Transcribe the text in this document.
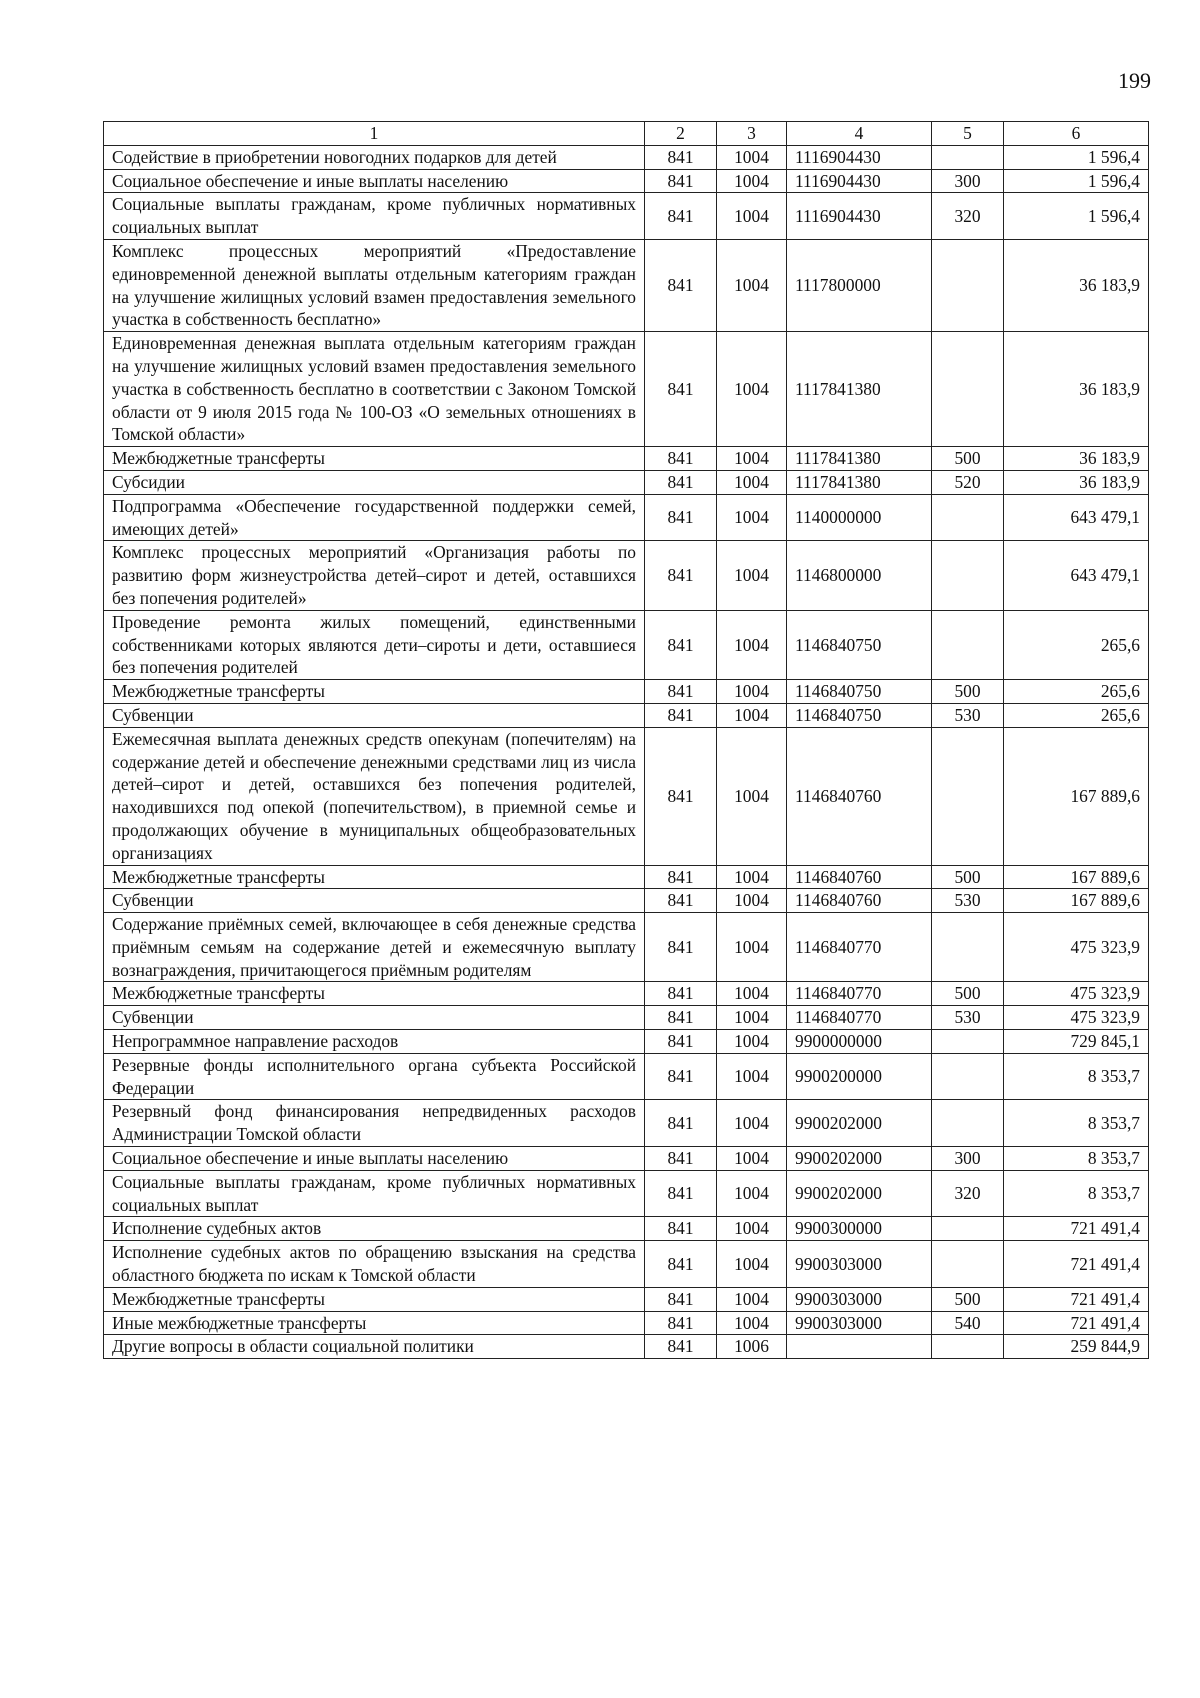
199
1	2	3	4	5	6
Содействие в приобретении новогодних подарков для детей	841	1004	1116904430		1 596,4
Социальное обеспечение и иные выплаты населению	841	1004	1116904430	300	1 596,4
Социальные выплаты гражданам, кроме публичных нормативных социальных выплат	841	1004	1116904430	320	1 596,4
Комплекс процессных мероприятий «Предоставление единовременной денежной выплаты отдельным категориям граждан на улучшение жилищных условий взамен предоставления земельного участка в собственность бесплатно»	841	1004	1117800000		36 183,9
Единовременная денежная выплата отдельным категориям граждан на улучшение жилищных условий взамен предоставления земельного участка в собственность бесплатно в соответствии с Законом Томской области от 9 июля 2015 года № 100-ОЗ «О земельных отношениях в Томской области»	841	1004	1117841380		36 183,9
Межбюджетные трансферты	841	1004	1117841380	500	36 183,9
Субсидии	841	1004	1117841380	520	36 183,9
Подпрограмма «Обеспечение государственной поддержки семей, имеющих детей»	841	1004	1140000000		643 479,1
Комплекс процессных мероприятий «Организация работы по развитию форм жизнеустройства детей–сирот и детей, оставшихся без попечения родителей»	841	1004	1146800000		643 479,1
Проведение ремонта жилых помещений, единственными собственниками которых являются дети–сироты и дети, оставшиеся без попечения родителей	841	1004	1146840750		265,6
Межбюджетные трансферты	841	1004	1146840750	500	265,6
Субвенции	841	1004	1146840750	530	265,6
Ежемесячная выплата денежных средств опекунам (попечителям) на содержание детей и обеспечение денежными средствами лиц из числа детей–сирот и детей, оставшихся без попечения родителей, находившихся под опекой (попечительством), в приемной семье и продолжающих обучение в муниципальных общеобразовательных организациях	841	1004	1146840760		167 889,6
Межбюджетные трансферты	841	1004	1146840760	500	167 889,6
Субвенции	841	1004	1146840760	530	167 889,6
Содержание приёмных семей, включающее в себя денежные средства приёмным семьям на содержание детей и ежемесячную выплату вознаграждения, причитающегося приёмным родителям	841	1004	1146840770		475 323,9
Межбюджетные трансферты	841	1004	1146840770	500	475 323,9
Субвенции	841	1004	1146840770	530	475 323,9
Непрограммное направление расходов	841	1004	9900000000		729 845,1
Резервные фонды исполнительного органа субъекта Российской Федерации	841	1004	9900200000		8 353,7
Резервный фонд финансирования непредвиденных расходов Администрации Томской области	841	1004	9900202000		8 353,7
Социальное обеспечение и иные выплаты населению	841	1004	9900202000	300	8 353,7
Социальные выплаты гражданам, кроме публичных нормативных социальных выплат	841	1004	9900202000	320	8 353,7
Исполнение судебных актов	841	1004	9900300000		721 491,4
Исполнение судебных актов по обращению взыскания на средства областного бюджета по искам к Томской области	841	1004	9900303000		721 491,4
Межбюджетные трансферты	841	1004	9900303000	500	721 491,4
Иные межбюджетные трансферты	841	1004	9900303000	540	721 491,4
Другие вопросы в области социальной политики	841	1006			259 844,9
